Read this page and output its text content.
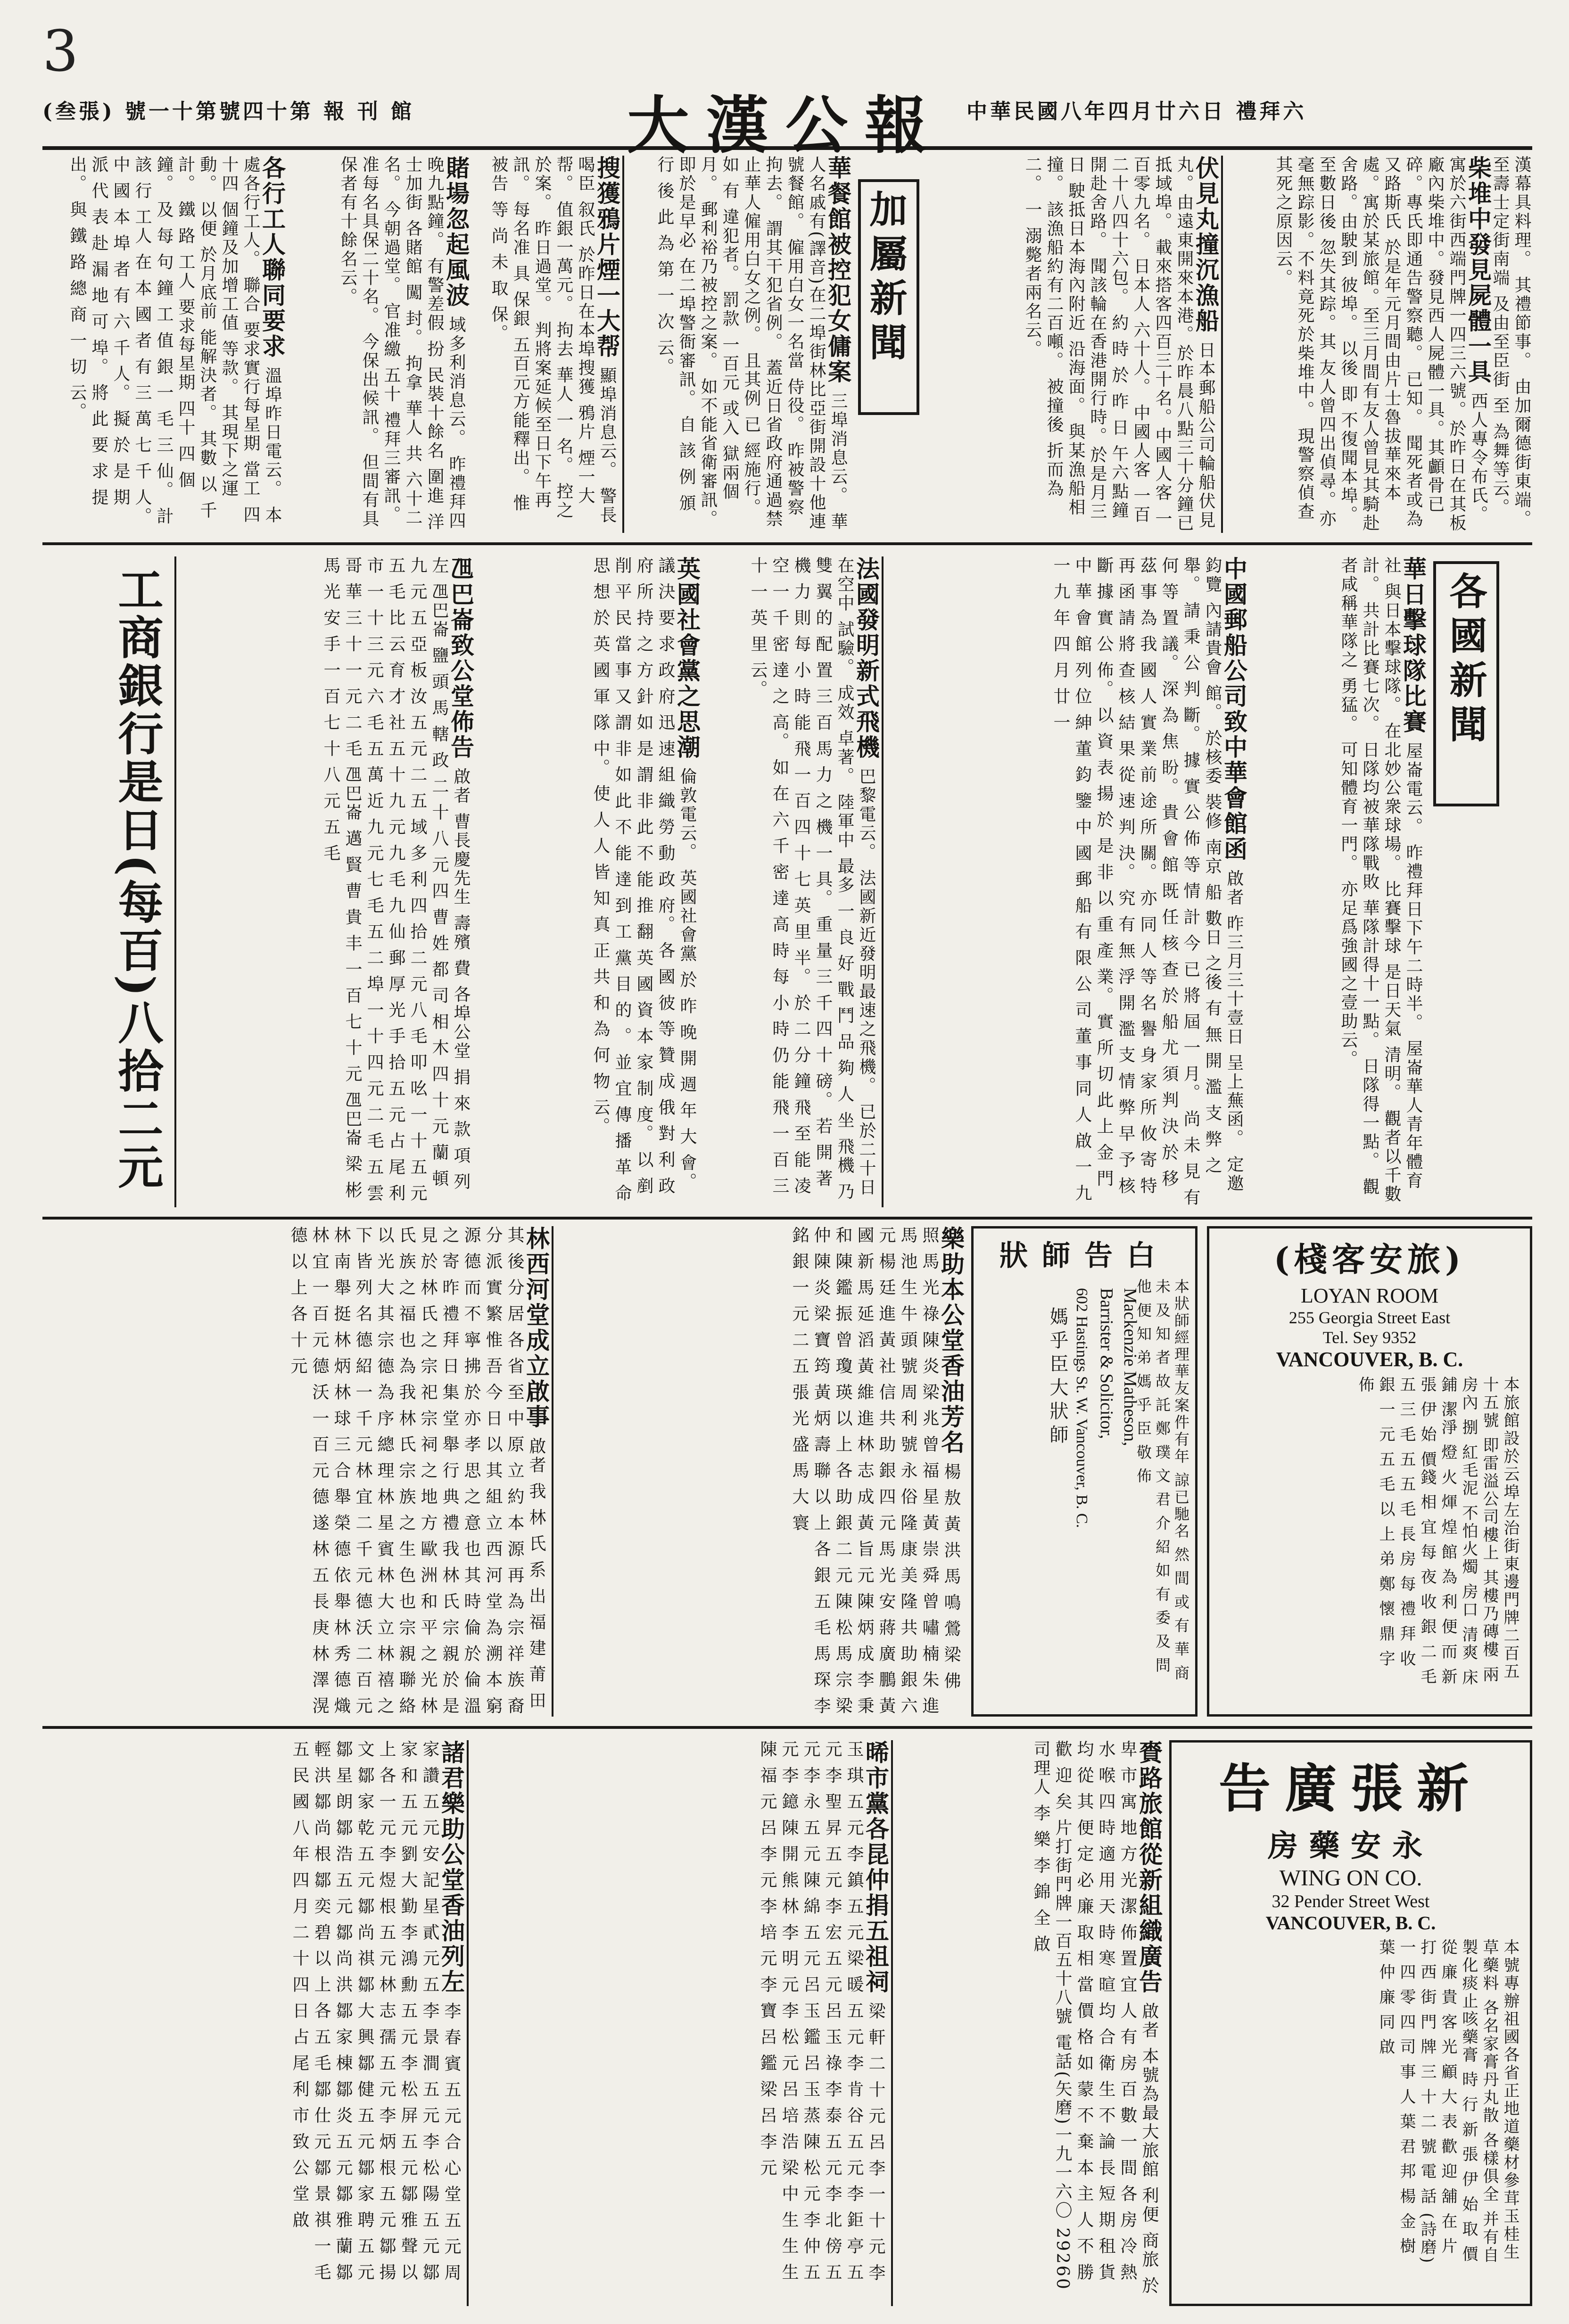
3
(叁張) 號一十第號四十第 報 刊 館	大漢公報 中華民國八年四月廿六日 禮拜六
漢幕具料理。 其禮節事。 由加爾德街東端。至壽士定街南端 及由至臣街 至 為舞等云。
柴堆中發見屍體一具 西人專令布氏。寓於六街西端門牌一四三六號。於昨日在其板廠內柴堆中。發見西人屍體一具。其顱骨已碎。專氏即通告警察聽。 已知。 聞死者或為又路斯氏 於是年元月間由片士魯拔華來本處。寓於某旅館。至三月間有友人曾見其騎赴 舍路。由駛到 彼埠。 以後 即 不復聞本埠。 至數日後 忽失其踪。其 友人曾四出偵尋。亦毫無踪影。不料竟死於柴堆中。 現警察偵查其死之原因云。
伏見丸撞沉漁船 日本郵船公司輪船伏見丸。由遠東開來本港。於昨晨八點三十分鐘已抵域埠。 載來搭客四百三十名。中國人客 一百零九名。 日本人 六十人。 中國人客 一百二十八四十六包。 約 時 於 昨 日 午六點鐘 開赴舍路。 聞該輪在香港開行時。於是月三日 駛抵日本海內附近 沿海面。 與某漁船相撞。 該漁船約有二百噸。 被撞後 折而為二。 一 溺斃者兩名云。
加屬新聞
華餐館被控犯女傭案 三埠消息云。 華人名戚有(譯音)在二埠街林比亞街開設十他連號餐館。 僱用白女一名當 侍役。 昨被警察拘去。 謂其干犯省例。 蓋近日省政府通過禁止華人僱用白女之例。 且其例 已 經施行。 如 有 違犯者。 罰款 一百元 或入 獄兩個月。 郵利裕乃被控之案。 如不能省衛審訊。 即於是早必 在二埠警衙審訊。 自 該 例 頒 行 後 此 為 第 一 次 云。
搜獲鴉片煙一大帮 顯埠消息云。 警長喝臣 叙氏 於昨日在本埠搜獲 鴉片 煙一大帮。 值銀一萬元。 拘去 華人 一 名。 控之於案。 昨日過堂。 判將案延候至日下午再訊。 每名准 具 保銀 五百元方能釋出。 惟 被告 等 尚 未 取 保。
賭場忽起風波 域多利消息云。 昨禮拜四晚九點鐘。 有警差假 扮 民裝十餘名 圍進 洋 士加街 各賭館 闖 封。 拘拿 華人 共 六十二名。 今朝過堂。 官准繳 五十 禮拜三審訊。 准每名具保二十名。 今保出候訊。 但間有具保者有十餘名云。
各行工人聯同要求 溫埠昨日電云。 本處各行工人。 聯合 要求實行每星期 當工 四十四 個鐘及加增工值 等款。 其現下之運動。 以便 於月底前 能解決者。 其數 以 千計。 鐵 路 工人 要求每星期 四十 四 個 鐘。 及 每 句 鐘 工 值 銀 一 毛 三 仙。 計 該 行 工人 在 本 國 者 有 三 萬 七 千 人。 中 國 本 埠 者 有 六 千 人。 擬 於 是 期 派 代 表 赴 漏 地 可 埠。 將 此 要 求 提 出。 與 鐵 路 總 商 一 切 云。
各國新聞
華日擊球隊比賽 屋崙電云。 昨禮拜日下午二時半。 屋崙華人青年體育社 與日本擊球隊。 在北妙公衆球場。 比賽擊球 是日天氣 清明。 觀者以千數計。 共計比賽七次。 日隊均被華隊戰敗 華隊計得十一點。 日隊得一點。 觀者咸稱華隊之 勇猛。 可知體育一門。 亦足爲強國之壹助云。
中國郵船公司致中華會館函 啟者 昨三月三十壹日 呈上蕪函。 定邀鈞覽 內請貴會 館。 於核委 裝修 南京 船 數日 之後 有 無 開 濫 支 弊 之 舉。 請 秉 公 判 斷。 據 實 公 佈 等 情 計 今 已 將 屆 一 月。 尚 未 見 有 何 等 置 議。 深 為 焦 盼。 貴 會 館 既 任 核 查 於 船 尤 須 判 決 於 移 茲 事 為 我 國 人 實 業 前 途 所 關。 亦 同 人 等 名 譽 身 家 所 攸 寄 特 再 函 請 將 查 核 結 果 從 速 判 決。 究 有 無 浮 開 濫 支 情 弊 早 予 核 斷 據 實 公 佈。 以 資 表 揚 於 是 非 以 重 產 業。 實 所 切 此 上 金 門 中 華 會 館 列 位 紳 董 鈞 鑒 中 國 郵 船 有 限 公 司 董 事 同 人 啟 一 九 一 九 年 四 月 廿 一
法國發明新式飛機 巴黎電云。 法國新近發明最速之飛機。 已於二十日在空中 試驗。 成效 卓著。 陸軍中 最多 一 良 好 戰 鬥 品 夠 人 坐 飛機 乃 雙 翼 的 配 置 三 百 馬 力 之 機 一 具。 重 量 三 千 四 十 磅。 若 開 著 機 力 則 每 小 時 能 飛 一 百 四 十 七 英 里 半。 於 二 分 鐘 飛 至 能 凌 空 一 千 密 達 之 高。 如 在 六 千 密 達 高 時 每 小 時 仍 能 飛 一 百 三 十 一 英 里 云。
英國社會黨之思潮 倫敦電云。 英國社會黨 於 昨 晚 開 週 年 大 會。 議 決 要 求 政 府 迅 速 組 織 勞 動 政 府。 各 國 彼 等 贊 成 俄 對 利 政 府 所 持 之 方 針 如 是 謂 非 此 不 能 推 翻 英 國 資 本 家 制 度。 以 剷 削 平 民 當 事 又 謂 非 如 此 不 能 達 到 工 黨 目 的 。 並 宜 傳 播 革 命 思 想 於 英 國 軍 隊 中。 使 人 人 皆 知 真 正 共 和 為 何 物 云。
乪巴崙致公堂佈告 啟者 曹長慶先生 壽殯 費 各埠公堂 捐 來 款 項 列 左 乪巴崙 鹽 頭 馬 轄 政 二 十 八 元 四 曹 姓 都 司 相 木 四 十 元 蘭 頓 九 元 五 亞 板 汝 五 元 二 五 域 多 利 四 拾 二 元 八 毛 叩 吆 一 十 五 元 五 毛 比 云 育 才 社 五 十 九 元 九 毛 九 仙 郵 厚 光 手 拾 五 元 占 尾 利 市 一 十 三 元 六 毛 五 萬 近 九 元 七 毛 五 二 埠 一 十 四 元 二 毛 五 雲 哥 華 三 十 一 元 二 毛 乪巴崙 邁 賢 曹 貴 丰 一 百 七 十 元 乪巴崙 梁 彬 馬 光 安 手 一 百 七 十 八 元 五 毛
工商銀行是日(每百)八拾二元
(棧客安旅)
LOYAN ROOM
255 Georgia Street East
Tel. Sey 9352
VANCOUVER, B. C.
本旅館設於云埠左治街東邊門牌二百五十五號 即雷溢公司樓上 其樓乃磚樓 兩房內 捌 紅毛泥 不怕火燭 房口 清爽 床 鋪 潔淨 燈 火 煇 煌 館 為 利 便 而 新 張 伊 始 價錢 相 宜 每 夜 收 銀 二 毛 五 三 毛 五 五 毛 長 房 每 禮 拜 收 銀 一 元 五 毛 以 上 弟 鄭 懷 鼎 字 佈
狀師告白
Mackenzie Matheson,
Barrister & Solicitor,
602 Hastings St. W. Vancouver, B. C.
媽乎臣大狀師	本狀師經理華友案件有年 諒已馳名 然 間 或 有 華 商 未 及 知 者 故 託 鄭 璞 文 君 介 紹 如 有 委 及 問 他 便 知 弟 媽 乎 臣 敬 佈
樂助本公堂香油芳名 楊 敖 黃 洪 馬 鳴 鶯 梁 佛 照 馬 光 祿 陳 炎 梁 兆 曾 福 星 黃 崇 舜 曾 嘯 楠 朱 進 馬 池 生 牛 頭 號 周 利 號 永 俗 隆 康 美 隆 共 助 銀 六 元 楊 廷 進 黃 社 信 共 助 銀 四 元 馬 光 安 蔣 廣 鵬 黃 國 新 馬 延 滔 黃 維 進 林 志 成 黃 旨 元 陳 炳 成 李 秉 和 陳 鑑 振 曾 瓊 瑛 以 上 各 助 銀 二 元 陳 松 馬 宗 梁 仲 陳 炎 梁 寶 筠 黃 炳 壽 聯 以 上 各 銀 五 毛 馬 琛 李 銘 銀 一 元 二 五 張 光 盛 馬 大 寰
林西河堂成立啟事 啟者 我 林 氏 系 出 福 建 莆 田 其 後 分 居 各 省 至 中 原 立 約 本 源 再 為 宗 祥 族 裔 分 派 實 繁 惟 吾 今 日 以 其 組 立 西 河 堂 為 溯 本 窮 源 德 而 不 寧 拂 於 亦 孝 思 之 意 也 其 時 倫 於 倫 溫 之 寄 昨 禮 拜 日 集 堂 舉 行 典 禮 我 林 氏 宗 親 於 是 見 於 林 氏 之 宗 祀 宗 祠 之 地 方 歐 洲 和 平 之 光 林 氏 族 之 福 也 為 我 林 氏 宗 族 之 生 色 也 宗 親 聯 絡 以 光 大 其 宗 德 為 序 總 理 林 星 賓 林 大 立 林 禧 之 下 皆 列 名 德 紹 一 千 元 林 宜 二 千 元 德 沃 二 百 元 林 南 舉 挺 林 炳 林 球 三 合 舉 榮 德 依 舉 林 秀 德 熾 林 宜 一 百 元 德 沃 一 百 元 德 遂 林 五 長 庚 林 澤 滉 德 以 上 各 十 元
告廣張新
房藥安永
WING ON CO.
32 Pender Street West
VANCOUVER, B. C.
本號專辦祖國各省正地道藥材參茸玉桂生草藥料 各名家膏丹丸散 各樣俱全 并有自製化痰止咳藥膏 時 行 新 張 伊 始 取 價 從 廉 貴 客 光 顧 大 表 歡 迎 舖 在 片 打 西 街 門 牌 三 十 二 號 電 話 (詩磨) 一 四 零 四 司 事 人 葉 君 邦 楊 金 樹 葉 仲 廉 同 啟
賚路旅館從新組織廣告 啟者 本號為最大旅館 利便 商旅 於 卑 市 寓 地 方 光 潔 佈 置 宜 人 有 房 百 數 一 間 各 房 冷 熱 水 喉 四 時 適 用 天 時 寒 暄 均 合 衛 生 不 論 長 短 期 租 貨 均 從 其 便 定 必 廉 取 相 當 價 格 如 蒙 不 棄 本 主 人 不 勝 歡 迎 矣 片打街門牌一百五十八號 電話(矢磨)一九一六〇 29260 司理人 李 樂 李 錦 全 啟
晞市黨各昆仲捐五祖祠 梁 軒 二 十 元 呂 李 一 十 元 李 玉 琪 五 元 李 鎮 五 元 梁 暖 五 元 李 肯 谷 五 元 李 鉅 亭 五 元 李 聖 昇 五 元 李 宏 五 元 呂 玉 祿 李 泰 五 元 李 北 傍 五 元 李 永 五 元 陳 綿 五 元 呂 玉 鑑 呂 玉 蒸 陳 松 元 李 仲 五 元 李 鐿 陳 開 熊 林 李 明 元 李 松 元 呂 培 浩 梁 中 生 生 生 陳 福 元 呂 李 元 李 培 元 李 寶 呂 鑑 梁 呂 李 元
諸君樂助公堂香油列左 李 春 賓 五 元 合 心 堂 五 元 周 家 讚 五 元 安 記 星 貳 元 五 李 景 澗 五 元 李 松 陽 五 元 鄒 家 和 五 元 劉 大 勤 李 鴻 勳 五 元 李 松 屏 五 元 鄒 雅 聲 以 上 各 一 元 李 煜 根 五 元 林 志 孺 五 元 李 炳 根 五 元 鄒 揚 文 鄒 家 乾 五 元 鄒 尚 祺 鄒 大 興 鄒 健 五 元 鄒 家 聘 五 元 鄒 星 朗 鄒 浩 五 元 鄒 尚 洪 鄒 家 棟 鄒 炎 五 元 鄒 雅 蘭 鄒 輕 洪 鄒 尚 根 鄒 奕 碧 以 上 各 五 毛 鄒 仕 元 鄒 景 祺 一 毛 五 民 國 八 年 四 月 二 十 四 日 占 尾 利 市 致 公 堂 啟
